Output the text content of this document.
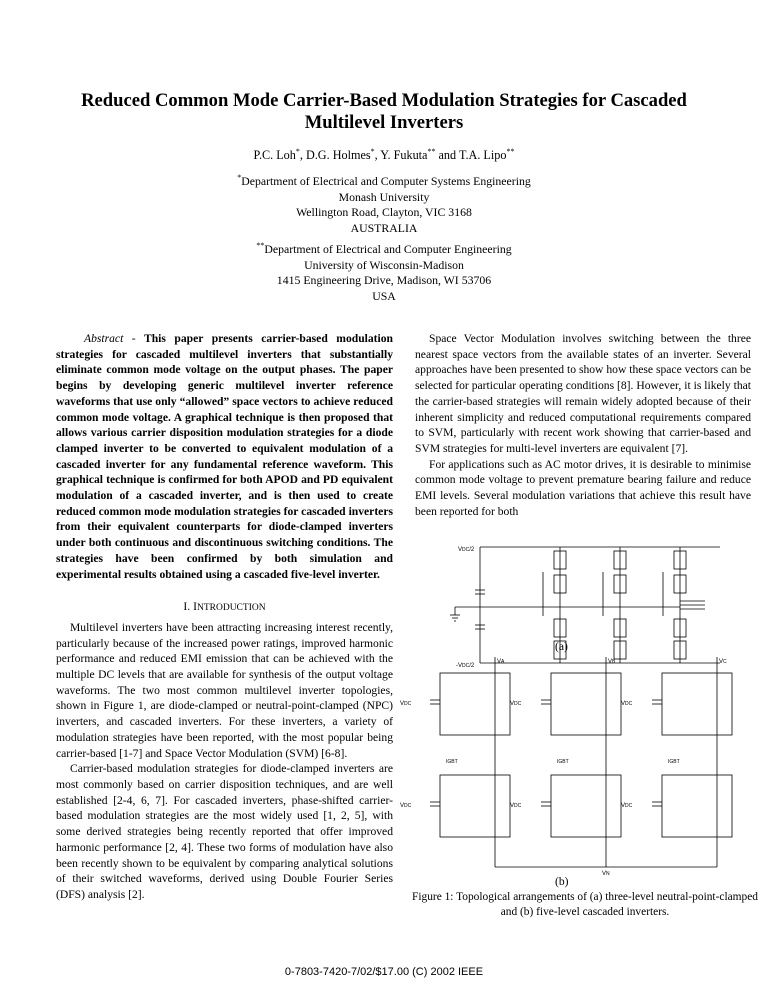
Reduced Common Mode Carrier-Based Modulation Strategies for Cascaded Multilevel Inverters
P.C. Loh*, D.G. Holmes*, Y. Fukuta** and T.A. Lipo**
*Department of Electrical and Computer Systems Engineering
Monash University
Wellington Road, Clayton, VIC 3168
AUSTRALIA
**Department of Electrical and Computer Engineering
University of Wisconsin-Madison
1415 Engineering Drive, Madison, WI 53706
USA

Abstract - This paper presents carrier-based modulation strategies for cascaded multilevel inverters that substantially eliminate common mode voltage on the output phases. The paper begins by developing generic multilevel inverter reference waveforms that use only “allowed” space vectors to achieve reduced common mode voltage. A graphical technique is then proposed that allows various carrier disposition modulation strategies for a diode clamped inverter to be converted to equivalent modulation of a cascaded inverter for any fundamental reference waveform. This graphical technique is confirmed for both APOD and PD equivalent modulation of a cascaded inverter, and is then used to create reduced common mode modulation strategies for cascaded inverters from their equivalent counterparts for diode-clamped inverters under both continuous and discontinuous switching conditions. The strategies have been confirmed by both simulation and experimental results obtained using a cascaded five-level inverter.

I. INTRODUCTION

Multilevel inverters have been attracting increasing interest recently, particularly because of the increased power ratings, improved harmonic performance and reduced EMI emission that can be achieved with the multiple DC levels that are available for synthesis of the output voltage waveforms. The two most common multilevel inverter topologies, shown in Figure 1, are diode-clamped or neutral-point-clamped (NPC) inverters, and cascaded inverters. For these inverters, a variety of modulation strategies have been reported, with the most popular being carrier-based [1-7] and Space Vector Modulation (SVM) [6-8].

Carrier-based modulation strategies for diode-clamped inverters are most commonly based on carrier disposition techniques, and are well established [2-4, 6, 7]. For cascaded inverters, phase-shifted carrier-based modulation strategies are the most widely used [1, 2, 5], with some derived strategies being recently reported that offer improved harmonic performance [2, 4]. These two forms of modulation have also been recently shown to be equivalent by comparing analytical solutions of their switched waveforms, derived using Double Fourier Series (DFS) analysis [2].

Space Vector Modulation involves switching between the three nearest space vectors from the available states of an inverter. Several approaches have been presented to show how these space vectors can be selected for particular operating conditions [8]. However, it is likely that the carrier-based strategies will remain widely adopted because of their inherent simplicity and reduced computational requirements compared to SVM, particularly with recent work showing that carrier-based and SVM strategies for multi-level inverters are equivalent [7].

For applications such as AC motor drives, it is desirable to minimise common mode voltage to prevent premature bearing failure and reduce EMI levels. Several modulation variations that achieve this result have been reported for both

VDC/2
-VDC/2
VA	VB	VC
VN
VDC	VDC	VDC
VDC	VDC	VDC
IGBT	IGBT	IGBT
(a)
(b)
Figure 1: Topological arrangements of (a) three-level neutral-point-clamped and (b) five-level cascaded inverters.
0-7803-7420-7/02/$17.00 (C) 2002 IEEE
